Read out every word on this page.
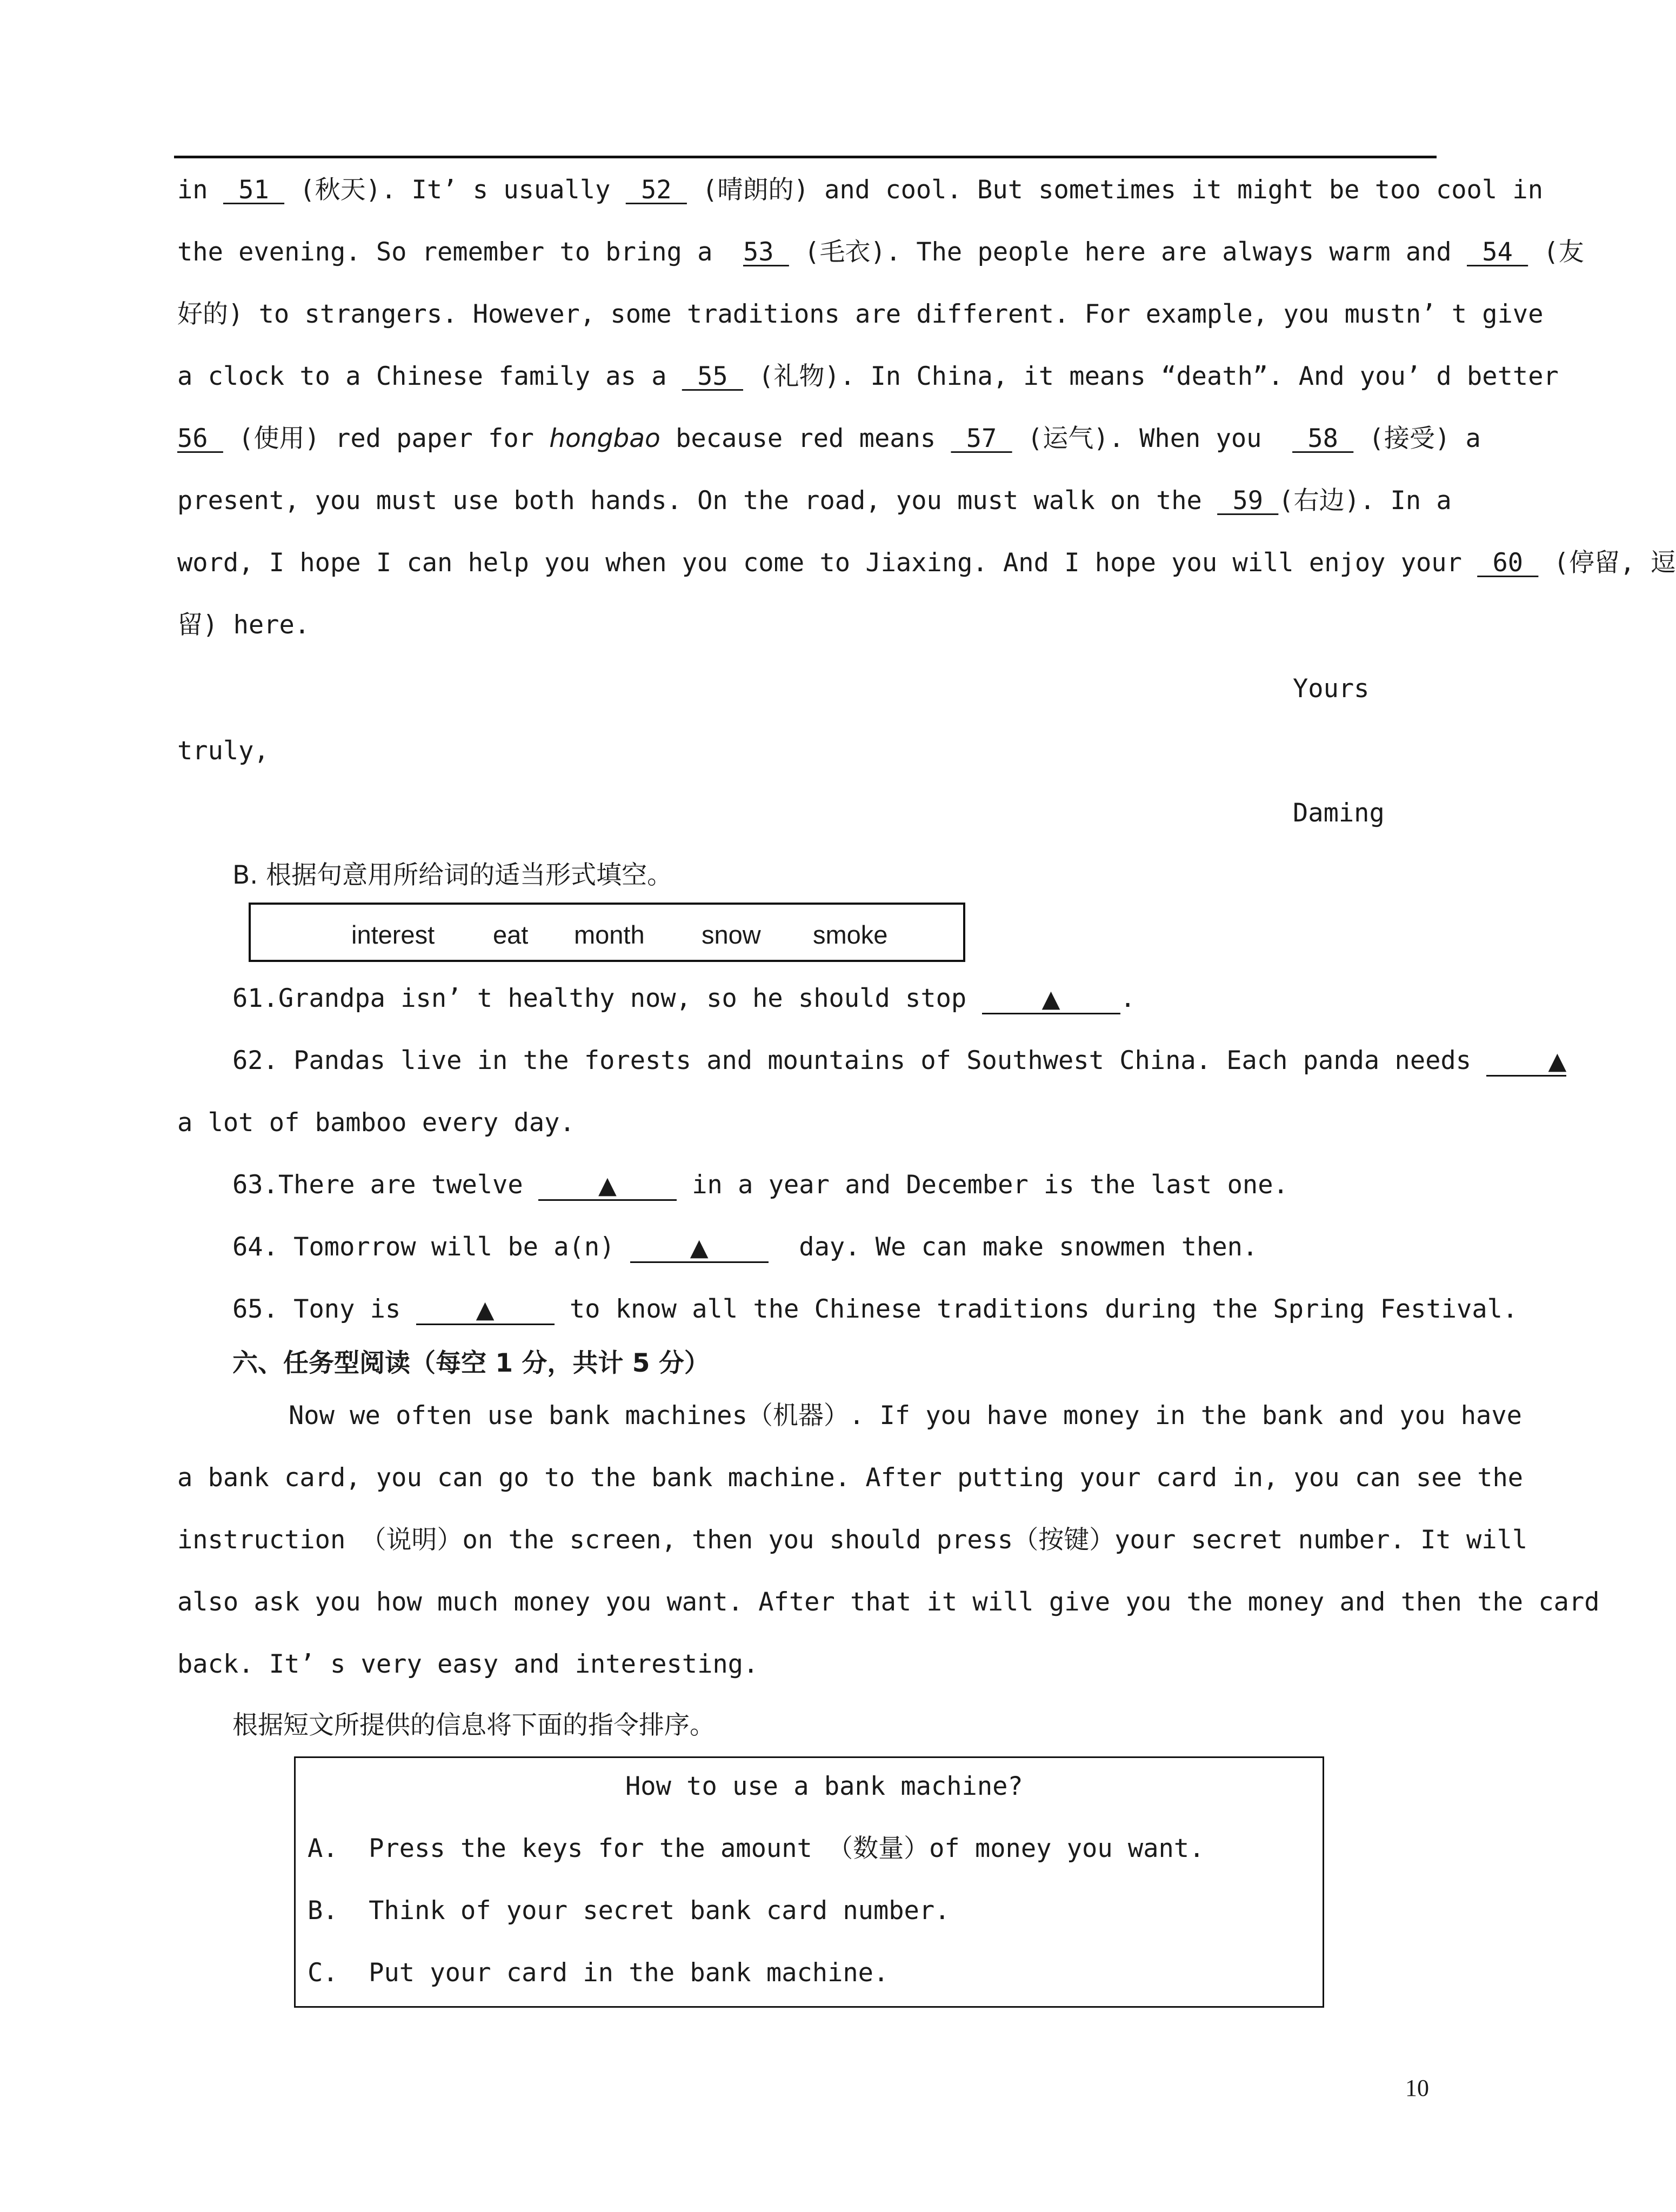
in  51  (秋天). It’ s usually  52  (晴朗的) and cool. But sometimes it might be too cool in
the evening. So remember to bring a  53  (毛衣). The people here are always warm and  54  (友
好的) to strangers. However, some traditions are different. For example, you mustn’ t give
a clock to a Chinese family as a  55  (礼物). In China, it means “death”. And you’ d better
56  (使用) red paper for hongbao because red means  57  (运气). When you   58  (接受) a
present, you must use both hands. On the road, you must walk on the  59 (右边). In a
word, I hope I can help you when you come to Jiaxing. And I hope you will enjoy your  60  (停留, 逗
留) here.
Yours
truly,
Daming
B. 根据句意用所给词的适当形式填空。
interest eat month snow smoke
61.Grandpa isn’ t healthy now, so he should stop	▲ .
62. Pandas live in the forests and mountains of Southwest China. Each panda needs	▲
a lot of bamboo every day.
63.There are twelve	▲ in a year and December is the last one.
64. Tomorrow will be a(n)	▲  day. We can make snowmen then.
65. Tony is	▲ to know all the Chinese traditions during the Spring Festival.
六、任务型阅读（每空 1 分，共计 5 分）
Now we often use bank machines（机器）. If you have money in the bank and you have
a bank card, you can go to the bank machine. After putting your card in, you can see the
instruction （说明）on the screen, then you should press（按键）your secret number. It will
also ask you how much money you want. After that it will give you the money and then the card
back. It’ s very easy and interesting.
根据短文所提供的信息将下面的指令排序。
How to use a bank machine?
A.  Press the keys for the amount （数量）of money you want.
B.  Think of your secret bank card number.
C.  Put your card in the bank machine.
10
